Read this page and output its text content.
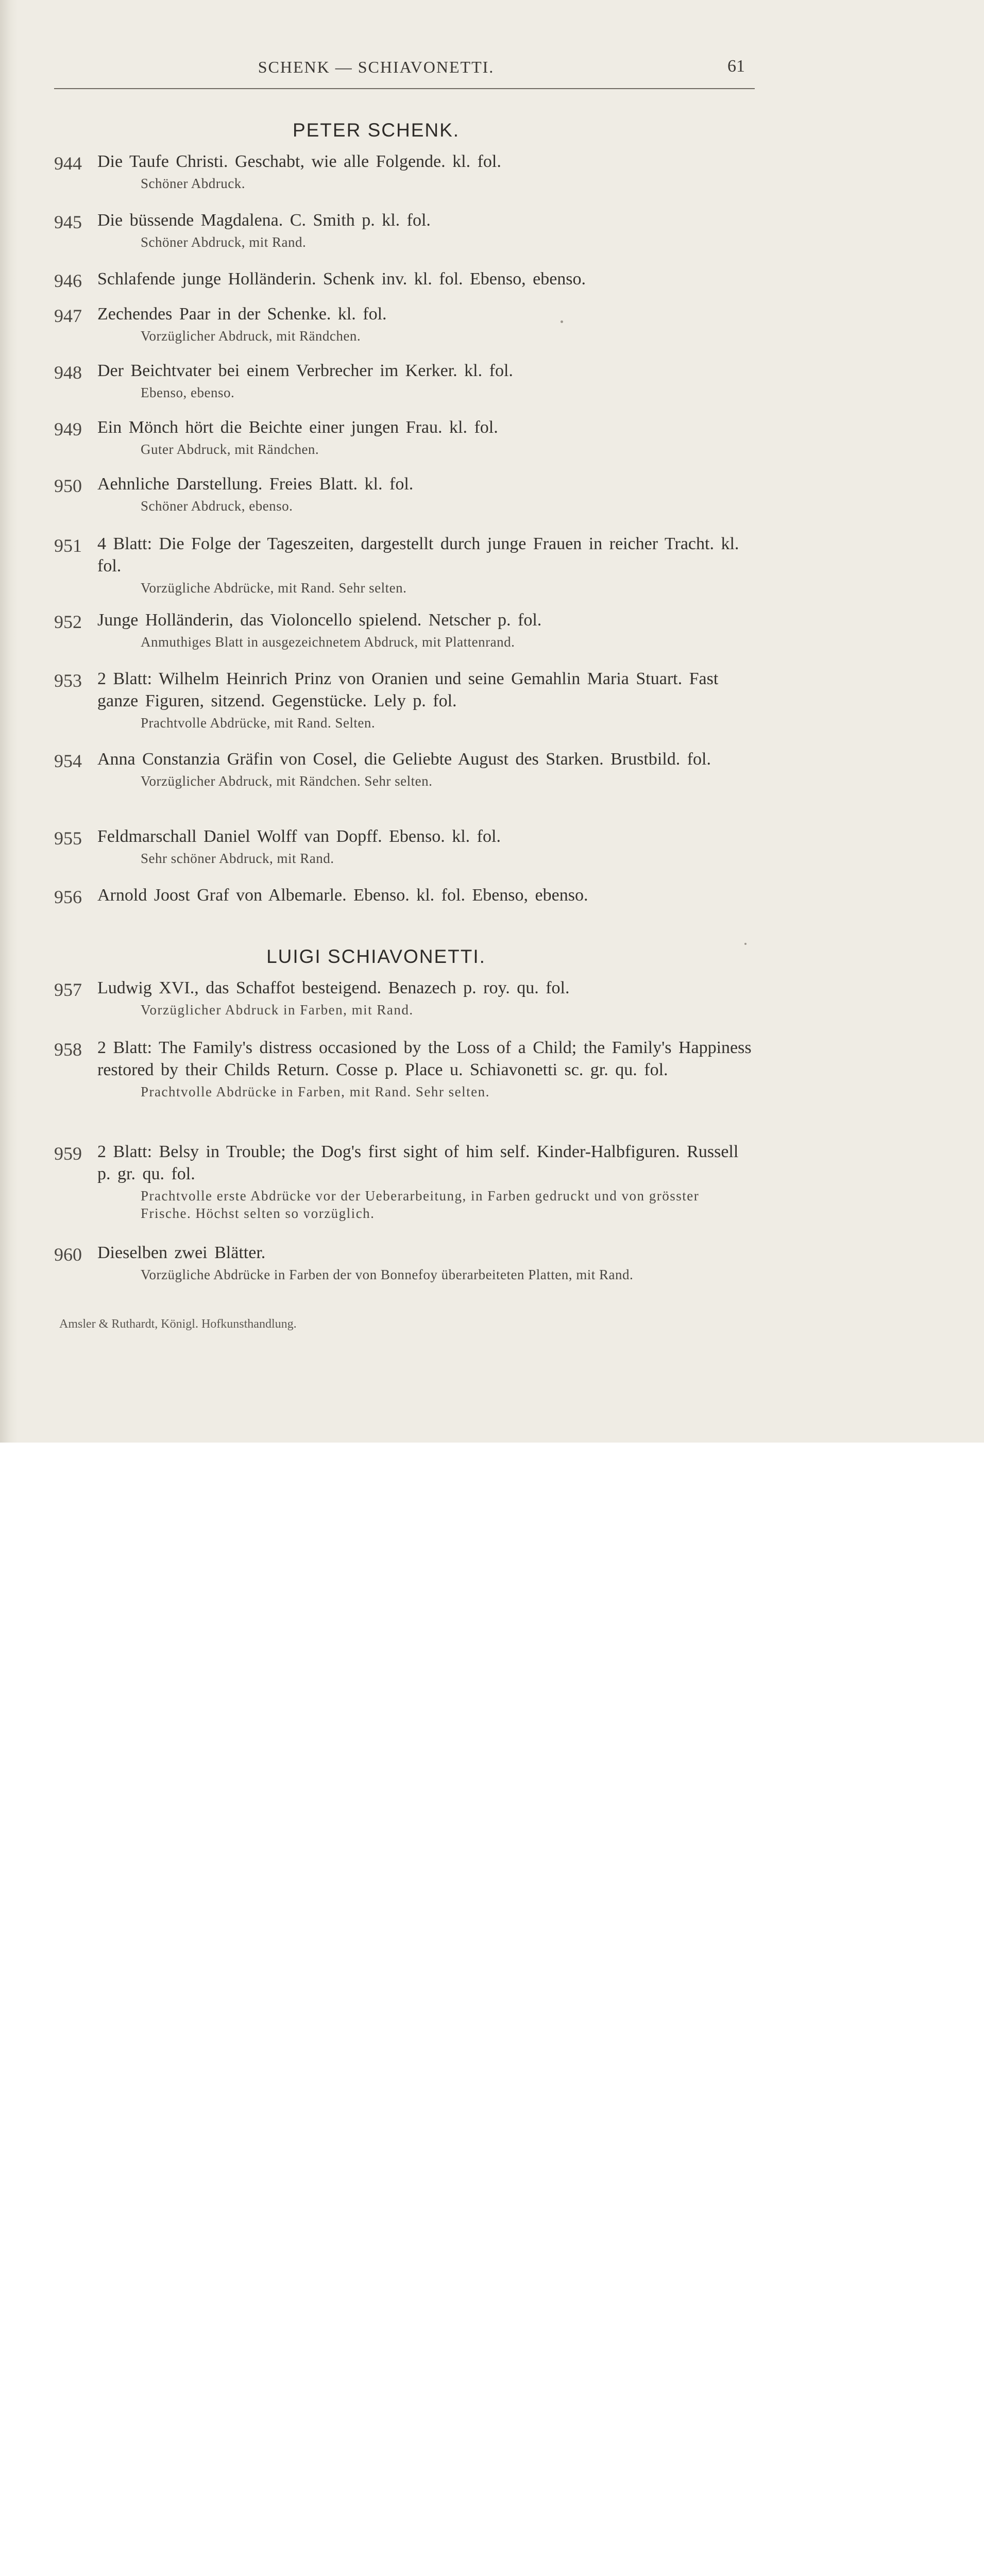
SCHENK — SCHIAVONETTI.	61
PETER SCHENK.
944 Die Taufe Christi. Geschabt, wie alle Folgende. kl. fol.
Schöner Abdruck.
945 Die büssende Magdalena. C. Smith p. kl. fol.
Schöner Abdruck, mit Rand.
946 Schlafende junge Holländerin. Schenk inv. kl. fol. Ebenso, ebenso.
947 Zechendes Paar in der Schenke. kl. fol.
Vorzüglicher Abdruck, mit Rändchen.
948 Der Beichtvater bei einem Verbrecher im Kerker. kl. fol.
Ebenso, ebenso.
949 Ein Mönch hört die Beichte einer jungen Frau. kl. fol.
Guter Abdruck, mit Rändchen.
950 Aehnliche Darstellung. Freies Blatt. kl. fol.
Schöner Abdruck, ebenso.
951 4 Blatt: Die Folge der Tageszeiten, dargestellt durch junge Frauen in reicher Tracht. kl. fol.
Vorzügliche Abdrücke, mit Rand. Sehr selten.
952 Junge Holländerin, das Violoncello spielend. Netscher p. fol.
Anmuthiges Blatt in ausgezeichnetem Abdruck, mit Plattenrand.
953 2 Blatt: Wilhelm Heinrich Prinz von Oranien und seine Gemahlin Maria Stuart. Fast ganze Figuren, sitzend. Gegenstücke. Lely p. fol.
Prachtvolle Abdrücke, mit Rand. Selten.
954 Anna Constanzia Gräfin von Cosel, die Geliebte August des Starken. Brustbild. fol.
Vorzüglicher Abdruck, mit Rändchen. Sehr selten.
955 Feldmarschall Daniel Wolff van Dopff. Ebenso. kl. fol.
Sehr schöner Abdruck, mit Rand.
956 Arnold Joost Graf von Albemarle. Ebenso. kl. fol. Ebenso, ebenso.
LUIGI SCHIAVONETTI.
957 Ludwig XVI., das Schaffot besteigend. Benazech p. roy. qu. fol.
Vorzüglicher Abdruck in Farben, mit Rand.
958 2 Blatt: The Family's distress occasioned by the Loss of a Child; the Family's Happiness restored by their Childs Return. Cosse p. Place u. Schiavonetti sc. gr. qu. fol.
Prachtvolle Abdrücke in Farben, mit Rand. Sehr selten.
959 2 Blatt: Belsy in Trouble; the Dog's first sight of him self. Kinder-Halbfiguren. Russell p. gr. qu. fol.
Prachtvolle erste Abdrücke vor der Ueberarbeitung, in Farben gedruckt und von grösster Frische. Höchst selten so vorzüglich.
960 Dieselben zwei Blätter.
Vorzügliche Abdrücke in Farben der von Bonnefoy überarbeiteten Platten, mit Rand.
Amsler & Ruthardt, Königl. Hofkunsthandlung.
